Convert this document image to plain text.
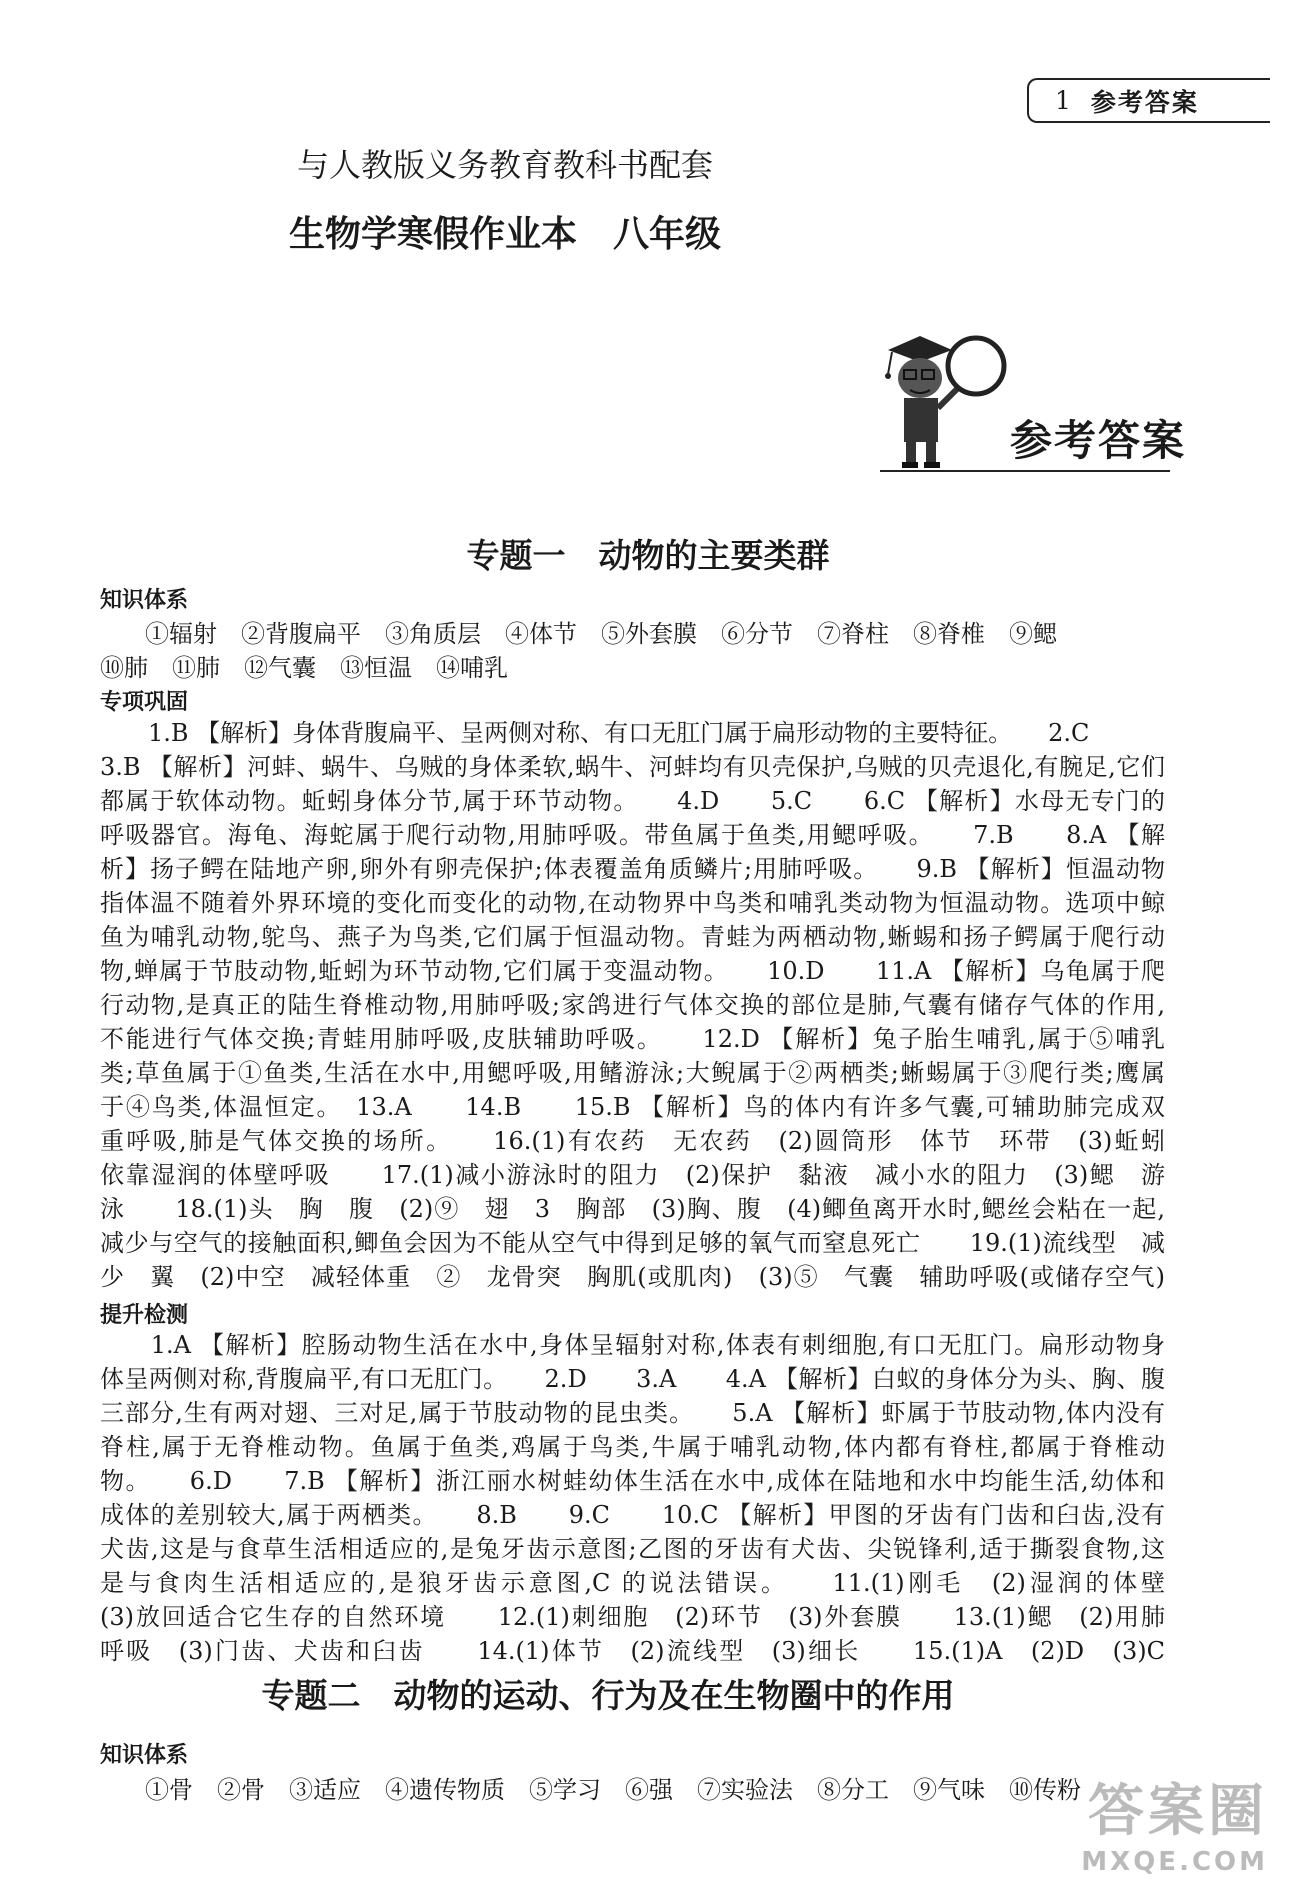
1 参考答案
与人教版义务教育教科书配套
生物学寒假作业本　八年级
参考答案
专题一　动物的主要类群
知识体系
①辐射　②背腹扁平　③角质层　④体节　⑤外套膜　⑥分节　⑦脊柱　⑧脊椎　⑨鳃
⑩肺　⑪肺　⑫气囊　⑬恒温　⑭哺乳
专项巩固
　　1.B 【解析】身体背腹扁平、呈两侧对称、有口无肛门属于扁形动物的主要特征。　　2.C
3.B 【解析】河蚌、蜗牛、乌贼的身体柔软,蜗牛、河蚌均有贝壳保护,乌贼的贝壳退化,有腕足,它们
都属于软体动物。蚯蚓身体分节,属于环节动物。　　4.D　　5.C　　6.C 【解析】水母无专门的
呼吸器官。海龟、海蛇属于爬行动物,用肺呼吸。带鱼属于鱼类,用鳃呼吸。　　7.B　　8.A 【解
析】扬子鳄在陆地产卵,卵外有卵壳保护;体表覆盖角质鳞片;用肺呼吸。　　9.B 【解析】恒温动物
指体温不随着外界环境的变化而变化的动物,在动物界中鸟类和哺乳类动物为恒温动物。选项中鲸
鱼为哺乳动物,鸵鸟、燕子为鸟类,它们属于恒温动物。青蛙为两栖动物,蜥蜴和扬子鳄属于爬行动
物,蝉属于节肢动物,蚯蚓为环节动物,它们属于变温动物。　　10.D　　11.A 【解析】乌龟属于爬
行动物,是真正的陆生脊椎动物,用肺呼吸;家鸽进行气体交换的部位是肺,气囊有储存气体的作用,
不能进行气体交换;青蛙用肺呼吸,皮肤辅助呼吸。　　12.D 【解析】兔子胎生哺乳,属于⑤哺乳
类;草鱼属于①鱼类,生活在水中,用鳃呼吸,用鳍游泳;大鲵属于②两栖类;蜥蜴属于③爬行类;鹰属
于④鸟类,体温恒定。　13.A　　14.B　　15.B 【解析】鸟的体内有许多气囊,可辅助肺完成双
重呼吸,肺是气体交换的场所。　　16.(1)有农药　无农药　(2)圆筒形　体节　环带　(3)蚯蚓
依靠湿润的体壁呼吸　　17.(1)减小游泳时的阻力　(2)保护　黏液　减小水的阻力　(3)鳃　游
泳　　18.(1)头　胸　腹　(2)⑨　翅　3　胸部　(3)胸、腹　(4)鲫鱼离开水时,鳃丝会粘在一起,
减少与空气的接触面积,鲫鱼会因为不能从空气中得到足够的氧气而窒息死亡　　19.(1)流线型　减
少　翼　(2)中空　减轻体重　②　龙骨突　胸肌(或肌肉)　(3)⑤　气囊　辅助呼吸(或储存空气)
提升检测
　　1.A 【解析】腔肠动物生活在水中,身体呈辐射对称,体表有刺细胞,有口无肛门。扁形动物身
体呈两侧对称,背腹扁平,有口无肛门。　　2.D　　3.A　　4.A 【解析】白蚁的身体分为头、胸、腹
三部分,生有两对翅、三对足,属于节肢动物的昆虫类。　　5.A 【解析】虾属于节肢动物,体内没有
脊柱,属于无脊椎动物。鱼属于鱼类,鸡属于鸟类,牛属于哺乳动物,体内都有脊柱,都属于脊椎动
物。　　6.D　　7.B 【解析】浙江丽水树蛙幼体生活在水中,成体在陆地和水中均能生活,幼体和
成体的差别较大,属于两栖类。　　8.B　　9.C　　10.C 【解析】甲图的牙齿有门齿和臼齿,没有
犬齿,这是与食草生活相适应的,是兔牙齿示意图;乙图的牙齿有犬齿、尖锐锋利,适于撕裂食物,这
是与食肉生活相适应的,是狼牙齿示意图,C 的说法错误。　　11.(1)刚毛　(2)湿润的体壁
(3)放回适合它生存的自然环境　　12.(1)刺细胞　(2)环节　(3)外套膜　　13.(1)鳃　(2)用肺
呼吸　(3)门齿、犬齿和臼齿　　14.(1)体节　(2)流线型　(3)细长　　15.(1)A　(2)D　(3)C
专题二　动物的运动、行为及在生物圈中的作用
知识体系
①骨　②骨　③适应　④遗传物质　⑤学习　⑥强　⑦实验法　⑧分工　⑨气味　⑩传粉 答案圈
MXQE.COM
